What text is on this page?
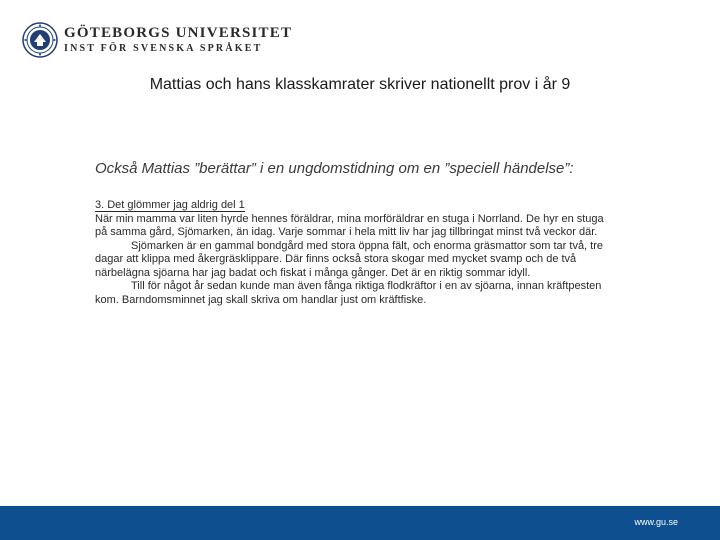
GÖTEBORGS UNIVERSITET
INST FÖR SVENSKA SPRÅKET
Mattias och hans klasskamrater skriver nationellt prov i år 9
Också Mattias ”berättar” i en ungdomstidning om en ”speciell händelse”:
3. Det glömmer jag aldrig del 1

När min mamma var liten hyrde hennes föräldrar, mina morföräldrar en stuga i Norrland. De hyr en stuga på samma gård, Sjömarken, än idag. Varje sommar i hela mitt liv har jag tillbringat minst två veckor där.

Sjömarken är en gammal bondgård med stora öppna fält, och enorma gräsmattor som tar två, tre dagar att klippa med åkergräsklippare. Där finns också stora skogar med mycket svamp och de två närbelägna sjöarna har jag badat och fiskat i många gånger. Det är en riktig sommar idyll.

Till för något år sedan kunde man även fånga riktiga flodkräftor i en av sjöarna, innan kräftpesten kom. Barndomsminnet jag skall skriva om handlar just om kräftfiske.

www.gu.se
